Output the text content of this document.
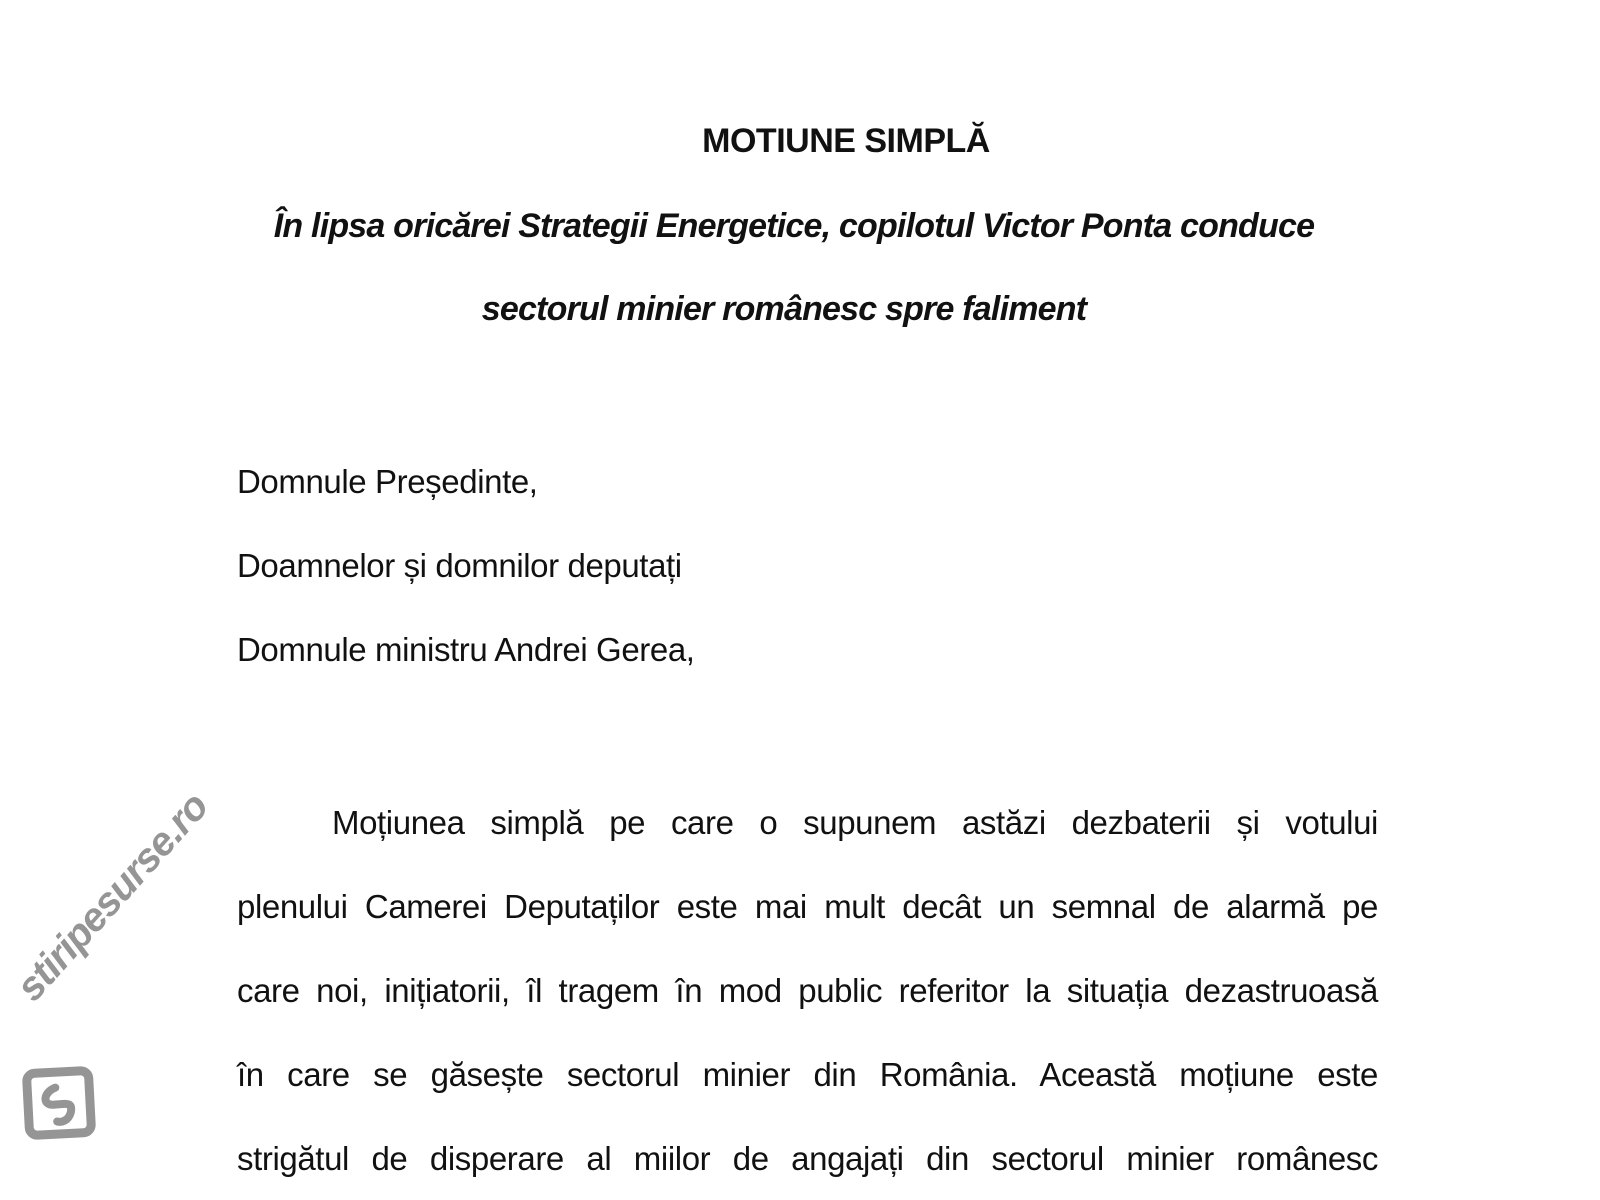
MOTIUNE SIMPLĂ

În lipsa oricărei Strategii Energetice, copilotul Victor Ponta conduce

sectorul minier românesc spre faliment

Domnule Președinte,

Doamnelor și domnilor deputați

Domnule ministru Andrei Gerea,

Moțiunea simplă pe care o supunem astăzi dezbaterii și votului

plenului Camerei Deputaților este mai mult decât un semnal de alarmă pe

care noi, inițiatorii, îl tragem în mod public referitor la situația dezastruoasă

în care se găsește sectorul minier din România. Această moțiune este

strigătul de disperare al miilor de angajați din sectorul minier românesc

stiripesurse.ro
